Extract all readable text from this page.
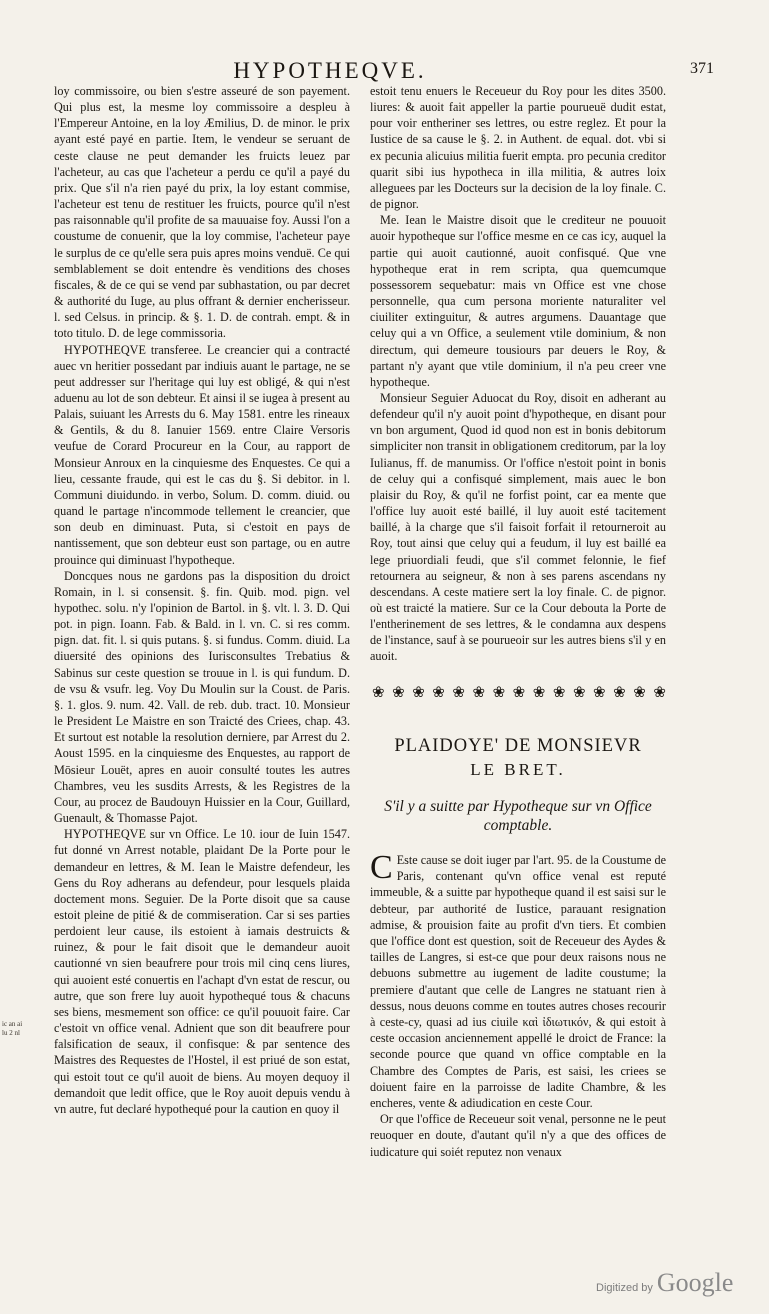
HYPOTHEQVE.	371

loy commissoire, ou bien s'estre asseuré de son payement. Qui plus est, la mesme loy commissoire a despleu à l'Empereur Antoine, en la loy Æmilius, D. de minor. le prix ayant esté payé en partie. Item, le vendeur se seruant de ceste clause ne peut demander les fruicts leuez par l'acheteur, au cas que l'acheteur a perdu ce qu'il a payé du prix. Que s'il n'a rien payé du prix, la loy estant commise, l'acheteur est tenu de restituer les fruicts, pource qu'il n'est pas raisonnable qu'il profite de sa mauuaise foy. Aussi l'on a coustume de conuenir, que la loy commise, l'acheteur paye le surplus de ce qu'elle sera puis apres moins venduë. Ce qui semblablement se doit entendre ès venditions des choses fiscales, & de ce qui se vend par subhastation, ou par decret & authorité du Iuge, au plus offrant & dernier encherisseur. l. sed Celsus. in princip. & §. 1. D. de contrah. empt. & in toto titulo. D. de lege commissoria.

HYPOTHEQVE transferee. Le creancier qui a contracté auec vn heritier possedant par indiuis auant le partage, ne se peut addresser sur l'heritage qui luy est obligé, & qui n'est aduenu au lot de son debteur. Et ainsi il se iugea à present au Palais, suiuant les Arrests du 6. May 1581. entre les rineaux & Gentils, & du 8. Ianuier 1569. entre Claire Versoris veufue de Corard Procureur en la Cour, au rapport de Monsieur Anroux en la cinquiesme des Enquestes. Ce qui a lieu, cessante fraude, qui est le cas du §. Si debitor. in l. Communi diuidundo. in verbo, Solum. D. comm. diuid. ou quand le partage n'incommode tellement le creancier, que son deub en diminuast. Puta, si c'estoit en pays de nantissement, que son debteur eust son partage, ou en autre prouince qui diminuast l'hypotheque.

Doncques nous ne gardons pas la disposition du droict Romain, in l. si consensit. §. fin. Quib. mod. pign. vel hypothec. solu. n'y l'opinion de Bartol. in §. vlt. l. 3. D. Qui pot. in pign. Ioann. Fab. & Bald. in l. vn. C. si res comm. pign. dat. fit. l. si quis putans. §. si fundus. Comm. diuid. La diuersité des opinions des Iurisconsultes Trebatius & Sabinus sur ceste question se trouue in l. is qui fundum. D. de vsu & vsufr. leg. Voy Du Moulin sur la Coust. de Paris. §. 1. glos. 9. num. 42. Vall. de reb. dub. tract. 10. Monsieur le President Le Maistre en son Traicté des Criees, chap. 43. Et surtout est notable la resolution derniere, par Arrest du 2. Aoust 1595. en la cinquiesme des Enquestes, au rapport de Mōsieur Louët, apres en auoir consulté toutes les autres Chambres, veu les susdits Arrests, & les Registres de la Cour, au procez de Baudouyn Huissier en la Cour, Guillard, Guenault, & Thomasse Pajot.

HYPOTHEQVE sur vn Office. Le 10. iour de Iuin 1547. fut donné vn Arrest notable, plaidant De la Porte pour le demandeur en lettres, & M. Iean le Maistre defendeur, les Gens du Roy adherans au defendeur, pour lesquels plaida doctement mons. Seguier. De la Porte disoit que sa cause estoit pleine de pitié & de commiseration. Car si ses parties perdoient leur cause, ils estoient à iamais destruicts & ruinez, & pour le fait disoit que le demandeur auoit cautionné vn sien beaufrere pour trois mil cinq cens liures, qui auoient esté conuertis en l'achapt d'vn estat de rescur, ou autre, que son frere luy auoit hypothequé tous & chacuns ses biens, mesmement son office: ce qu'il pouuoit faire. Car c'estoit vn office venal. Adnient que son dit beaufrere pour falsification de seaux, il confisque: & par sentence des Maistres des Requestes de l'Hostel, il est priué de son estat, qui estoit tout ce qu'il auoit de biens. Au moyen dequoy il demandoit que ledit office, que le Roy auoit depuis vendu à vn autre, fut declaré hypothequé pour la caution en quoy il

estoit tenu enuers le Receueur du Roy pour les dites 3500. liures: & auoit fait appeller la partie pourueuë dudit estat, pour voir entheriner ses lettres, ou estre reglez. Et pour la Iustice de sa cause le §. 2. in Authent. de equal. dot. vbi si ex pecunia alicuius militia fuerit empta. pro pecunia creditor quarit sibi ius hypotheca in illa militia, & autres loix alleguees par les Docteurs sur la decision de la loy finale. C. de pignor.

Me. Iean le Maistre disoit que le crediteur ne pouuoit auoir hypotheque sur l'office mesme en ce cas icy, auquel la partie qui auoit cautionné, auoit confisqué. Que vne hypotheque erat in rem scripta, qua quemcumque possessorem sequebatur: mais vn Office est vne chose personnelle, qua cum persona moriente naturaliter vel ciuiliter extinguitur, & autres argumens. Dauantage que celuy qui a vn Office, a seulement vtile dominium, & non directum, qui demeure tousiours par deuers le Roy, & partant n'y ayant que vtile dominium, il n'a peu creer vne hypotheque.

Monsieur Seguier Aduocat du Roy, disoit en adherant au defendeur qu'il n'y auoit point d'hypotheque, en disant pour vn bon argument, Quod id quod non est in bonis debitorum simpliciter non transit in obligationem creditorum, par la loy Iulianus, ff. de manumiss. Or l'office n'estoit point in bonis de celuy qui a confisqué simplement, mais auec le bon plaisir du Roy, & qu'il ne forfist point, car ea mente que l'office luy auoit esté baillé, il luy auoit esté tacitement baillé, à la charge que s'il faisoit forfait il retourneroit au Roy, tout ainsi que celuy qui a feudum, il luy est baillé ea lege priuordiali feudi, que s'il commet felonnie, le fief retournera au seigneur, & non à ses parens ascendans ny descendans. A ceste matiere sert la loy finale. C. de pignor. où est traicté la matiere. Sur ce la Cour debouta la Porte de l'entherinement de ses lettres, & le condamna aux despens de l'instance, sauf à se pourueoir sur les autres biens s'il y en auoit.

❀ ❀ ❀ ❀ ❀ ❀ ❀ ❀ ❀ ❀ ❀ ❀ ❀ ❀ ❀
PLAIDOYE' DE MONSIEVR
LE BRET.
S'il y a suitte par Hypotheque sur vn Office comptable.

C Este cause se doit iuger par l'art. 95. de la Coustume de Paris, contenant qu'vn office venal est reputé immeuble, & a suitte par hypotheque quand il est saisi sur le debteur, par authorité de Iustice, parauant resignation admise, & prouision faite au profit d'vn tiers. Et combien que l'office dont est question, soit de Receueur des Aydes & tailles de Langres, si est-ce que pour deux raisons nous ne debuons submettre au iugement de ladite coustume; la premiere d'autant que celle de Langres ne statuant rien à dessus, nous deuons comme en toutes autres choses recourir à ceste-cy, quasi ad ius ciuile καὶ ἰδιωτικόν, & qui estoit à ceste occasion anciennement appellé le droict de France: la seconde pource que quand vn office comptable en la Chambre des Comptes de Paris, est saisi, les criees se doiuent faire en la parroisse de ladite Chambre, & les encheres, vente & adiudication en ceste Cour.

Or que l'office de Receueur soit venal, personne ne le peut reuoquer en doute, d'autant qu'il n'y a que des offices de iudicature qui soiét reputez non venaux

ic an ai lu 2 nl
Digitized by Google
